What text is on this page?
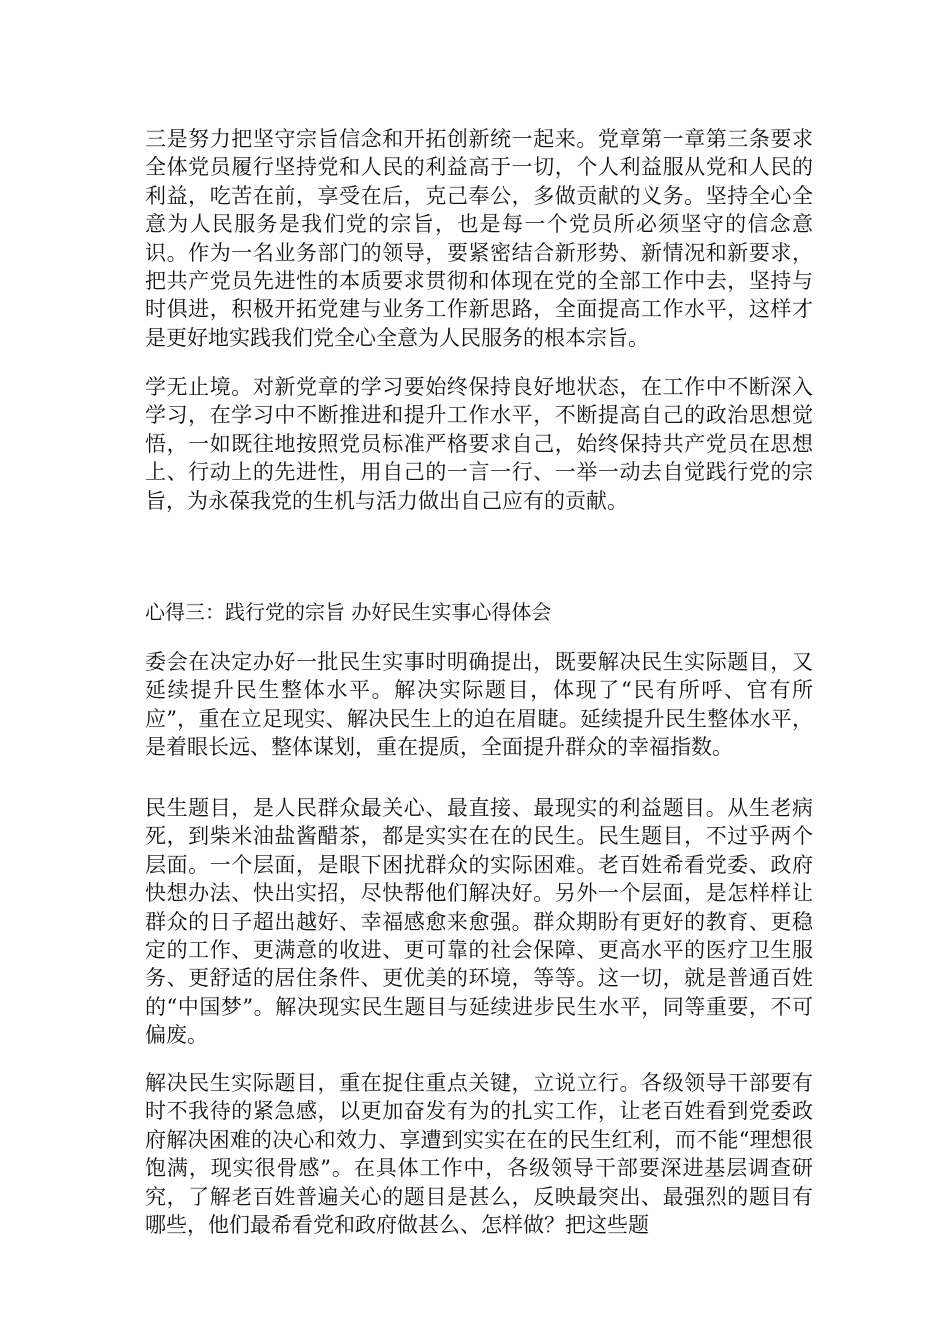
三是努力把坚守宗旨信念和开拓创新统一起来。党章第一章第三条要求全体党员履行坚持党和人民的利益高于一切，个人利益服从党和人民的利益，吃苦在前，享受在后，克己奉公，多做贡献的义务。坚持全心全意为人民服务是我们党的宗旨，也是每一个党员所必须坚守的信念意识。作为一名业务部门的领导，要紧密结合新形势、新情况和新要求，把共产党员先进性的本质要求贯彻和体现在党的全部工作中去，坚持与时俱进，积极开拓党建与业务工作新思路，全面提高工作水平，这样才是更好地实践我们党全心全意为人民服务的根本宗旨。

学无止境。对新党章的学习要始终保持良好地状态，在工作中不断深入学习，在学习中不断推进和提升工作水平，不断提高自己的政治思想觉悟，一如既往地按照党员标准严格要求自己，始终保持共产党员在思想上、行动上的先进性，用自己的一言一行、一举一动去自觉践行党的宗旨，为永葆我党的生机与活力做出自己应有的贡献。

心得三：践行党的宗旨 办好民生实事心得体会

委会在决定办好一批民生实事时明确提出，既要解决民生实际题目，又延续提升民生整体水平。解决实际题目，体现了“民有所呼、官有所应”，重在立足现实、解决民生上的迫在眉睫。延续提升民生整体水平，是着眼长远、整体谋划，重在提质，全面提升群众的幸福指数。

民生题目，是人民群众最关心、最直接、最现实的利益题目。从生老病死，到柴米油盐酱醋茶，都是实实在在的民生。民生题目，不过乎两个层面。一个层面，是眼下困扰群众的实际困难。老百姓希看党委、政府快想办法、快出实招，尽快帮他们解决好。另外一个层面，是怎样样让群众的日子超出越好、幸福感愈来愈强。群众期盼有更好的教育、更稳定的工作、更满意的收进、更可靠的社会保障、更高水平的医疗卫生服务、更舒适的居住条件、更优美的环境，等等。这一切，就是普通百姓的“中国梦”。解决现实民生题目与延续进步民生水平，同等重要，不可偏废。

解决民生实际题目，重在捉住重点关键，立说立行。各级领导干部要有时不我待的紧急感，以更加奋发有为的扎实工作，让老百姓看到党委政府解决困难的决心和效力、享遭到实实在在的民生红利，而不能“理想很饱满，现实很骨感”。在具体工作中，各级领导干部要深进基层调查研究，了解老百姓普遍关心的题目是甚么，反映最突出、最强烈的题目有哪些，他们最希看党和政府做甚么、怎样做？把这些题
